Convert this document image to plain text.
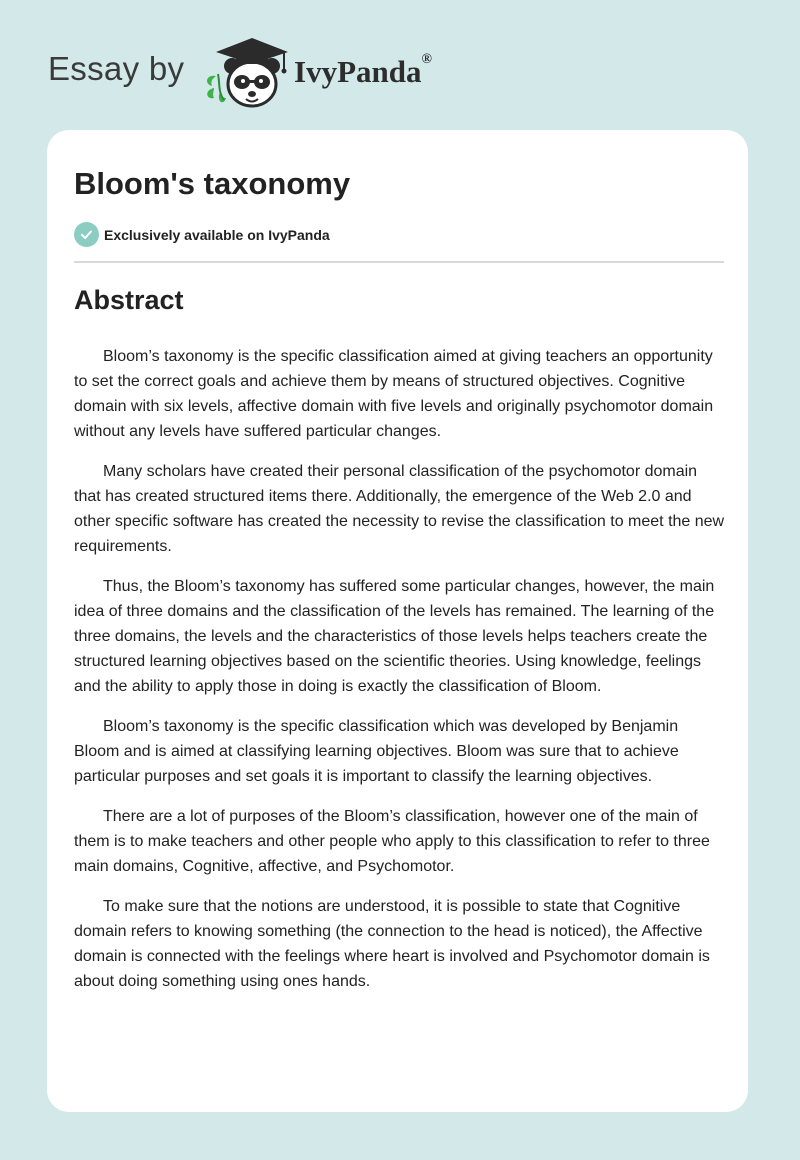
Essay by	IvyPanda®
Bloom's taxonomy
Exclusively available on IvyPanda
Abstract

Bloom’s taxonomy is the specific classification aimed at giving teachers an opportunity to set the correct goals and achieve them by means of structured objectives. Cognitive domain with six levels, affective domain with five levels and originally psychomotor domain without any levels have suffered particular changes.

Many scholars have created their personal classification of the psychomotor domain that has created structured items there. Additionally, the emergence of the Web 2.0 and other specific software has created the necessity to revise the classification to meet the new requirements.

Thus, the Bloom’s taxonomy has suffered some particular changes, however, the main idea of three domains and the classification of the levels has remained. The learning of the three domains, the levels and the characteristics of those levels helps teachers create the structured learning objectives based on the scientific theories. Using knowledge, feelings and the ability to apply those in doing is exactly the classification of Bloom.

Bloom’s taxonomy is the specific classification which was developed by Benjamin Bloom and is aimed at classifying learning objectives. Bloom was sure that to achieve particular purposes and set goals it is important to classify the learning objectives.

There are a lot of purposes of the Bloom’s classification, however one of the main of them is to make teachers and other people who apply to this classification to refer to three main domains, Cognitive, affective, and Psychomotor.

To make sure that the notions are understood, it is possible to state that Cognitive domain refers to knowing something (the connection to the head is noticed), the Affective domain is connected with the feelings where heart is involved and Psychomotor domain is about doing something using ones hands.
